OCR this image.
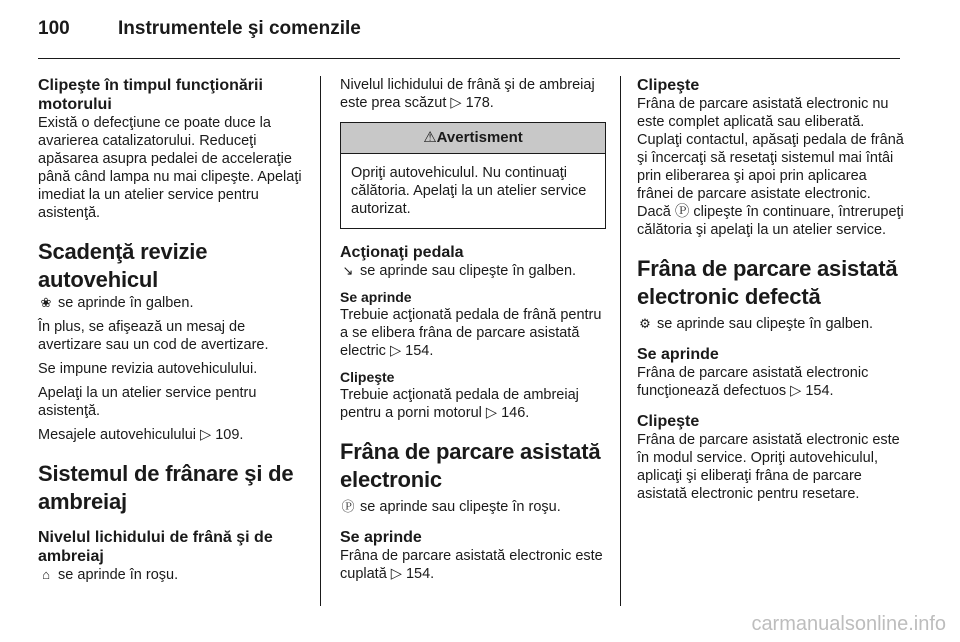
100	Instrumentele şi comenzile
Clipeşte în timpul funcţionării motorului

Există o defecţiune ce poate duce la avarierea catalizatorului. Reduceţi apăsarea asupra pedalei de acceleraţie până când lampa nu mai clipeşte. Apelaţi imediat la un atelier service pentru asistenţă.

Scadenţă revizie autovehicul

❀ se aprinde în galben.

În plus, se afişează un mesaj de avertizare sau un cod de avertizare.

Se impune revizia autovehiculului.

Apelaţi la un atelier service pentru asistenţă.

Mesajele autovehiculului ▷ 109.

Sistemul de frânare şi de ambreiaj
Nivelul lichidului de frână şi de ambreiaj

⌂ se aprinde în roşu.

Nivelul lichidului de frână şi de ambreiaj este prea scăzut ▷ 178.

⚠Avertisment
Opriţi autovehiculul. Nu continuaţi călătoria. Apelaţi la un atelier service autorizat.
Acţionaţi pedala

↘ se aprinde sau clipeşte în galben.

Se aprinde

Trebuie acţionată pedala de frână pentru a se elibera frâna de parcare asistată electric ▷ 154.

Clipeşte

Trebuie acţionată pedala de ambreiaj pentru a porni motorul ▷ 146.

Frâna de parcare asistată electronic

Ⓟ se aprinde sau clipeşte în roşu.

Se aprinde

Frâna de parcare asistată electronic este cuplată ▷ 154.

Clipeşte

Frâna de parcare asistată electronic nu este complet aplicată sau eliberată. Cuplaţi contactul, apăsaţi pedala de frână şi încercaţi să resetaţi sistemul mai întâi prin eliberarea şi apoi prin aplicarea frânei de parcare asistate electronic. Dacă Ⓟ clipeşte în continuare, întrerupeţi călătoria şi apelaţi la un atelier service.

Frâna de parcare asistată electronic defectă

⚙ se aprinde sau clipeşte în galben.

Se aprinde

Frâna de parcare asistată electronic funcţionează defectuos ▷ 154.

Clipeşte

Frâna de parcare asistată electronic este în modul service. Opriţi autovehiculul, aplicaţi şi eliberaţi frâna de parcare asistată electronic pentru resetare.

carmanualsonline.info
